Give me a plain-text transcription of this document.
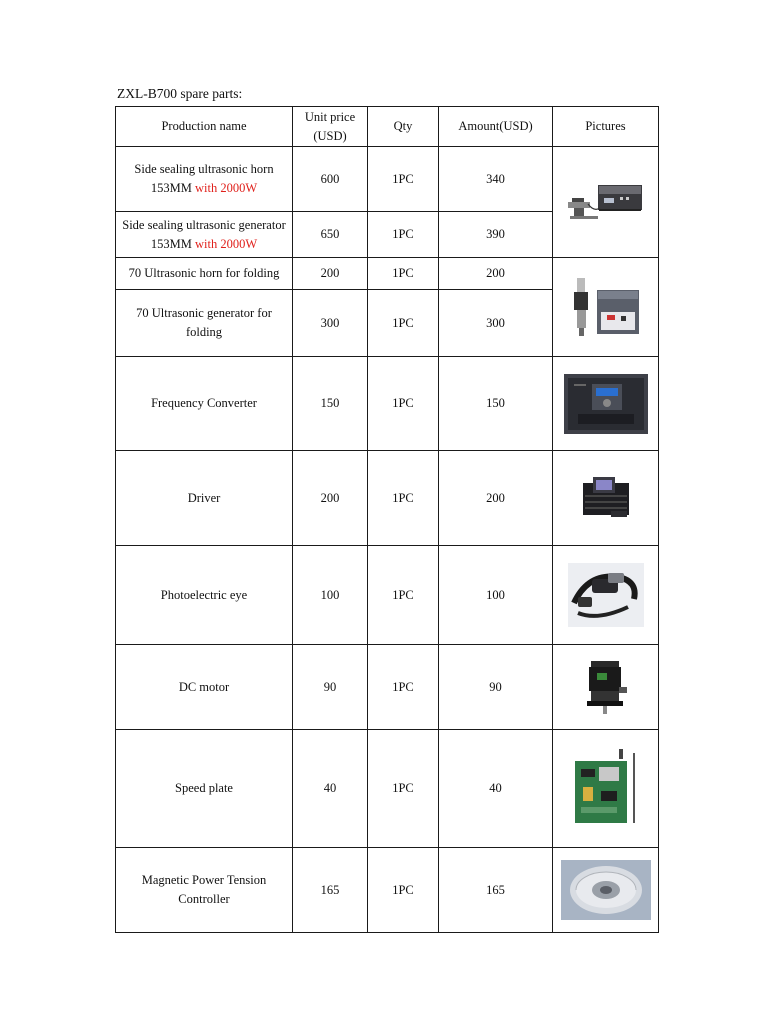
ZXL-B700 spare parts:
Production name	Unit price (USD)	Qty	Amount(USD)	Pictures
Side sealing ultrasonic horn 153MM with 2000W	600	1PC	340	

Side sealing ultrasonic generator 153MM with 2000W	650	1PC	390	
70 Ultrasonic horn for folding	200	1PC	200	

70 Ultrasonic generator for folding	300	1PC	300	
Frequency Converter	150	1PC	150	

Driver	200	1PC	200	

Photoelectric eye	100	1PC	100	

DC motor	90	1PC	90	

Speed plate	40	1PC	40	

Magnetic Power Tension Controller	165	1PC	165	
